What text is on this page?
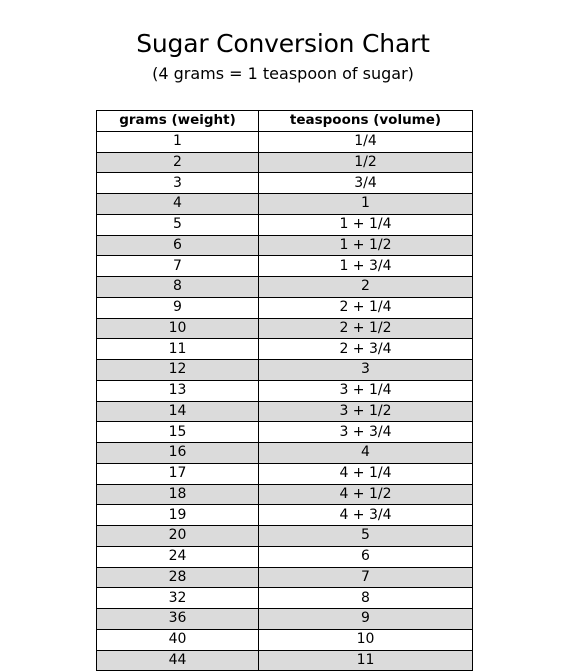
Sugar Conversion Chart
(4 grams = 1 teaspoon of sugar)
grams (weight)	teaspoons (volume)
1	1/4
2	1/2
3	3/4
4	1
5	1 + 1/4
6	1 + 1/2
7	1 + 3/4
8	2
9	2 + 1/4
10	2 + 1/2
11	2 + 3/4
12	3
13	3 + 1/4
14	3 + 1/2
15	3 + 3/4
16	4
17	4 + 1/4
18	4 + 1/2
19	4 + 3/4
20	5
24	6
28	7
32	8
36	9
40	10
44	11
